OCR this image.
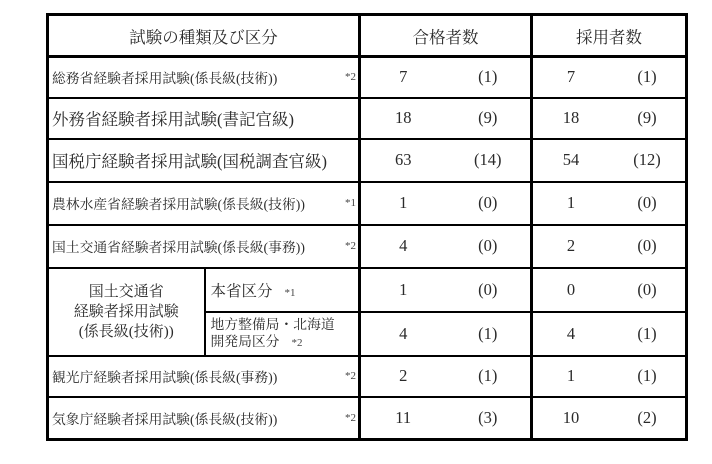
試験の種類及び区分		合格者数	採用者数

総務省経験者採用試験(係長級(技術)) *2		7 (1)	7 (1)

外務省経験者採用試験(書記官級)		18 (9)	18 (9)

国税庁経験者採用試験(国税調査官級)		63 (14)	54 (12)

農林水産省経験者採用試験(係長級(技術)) *1		1 (0)	1 (0)

国土交通省経験者採用試験(係長級(事務)) *2		4 (0)	2 (0)

国土交通省
経験者採用試験
(係長級(技術))
	本省区分 *1	1	(0)	0	(0)

地方整備局・北海道
開発局区分 *2	4	(1)	4	(1)

観光庁経験者採用試験(係長級(事務)) *2		2 (1)	1 (1)

気象庁経験者採用試験(係長級(技術)) *2		11 (3)	10 (2)
